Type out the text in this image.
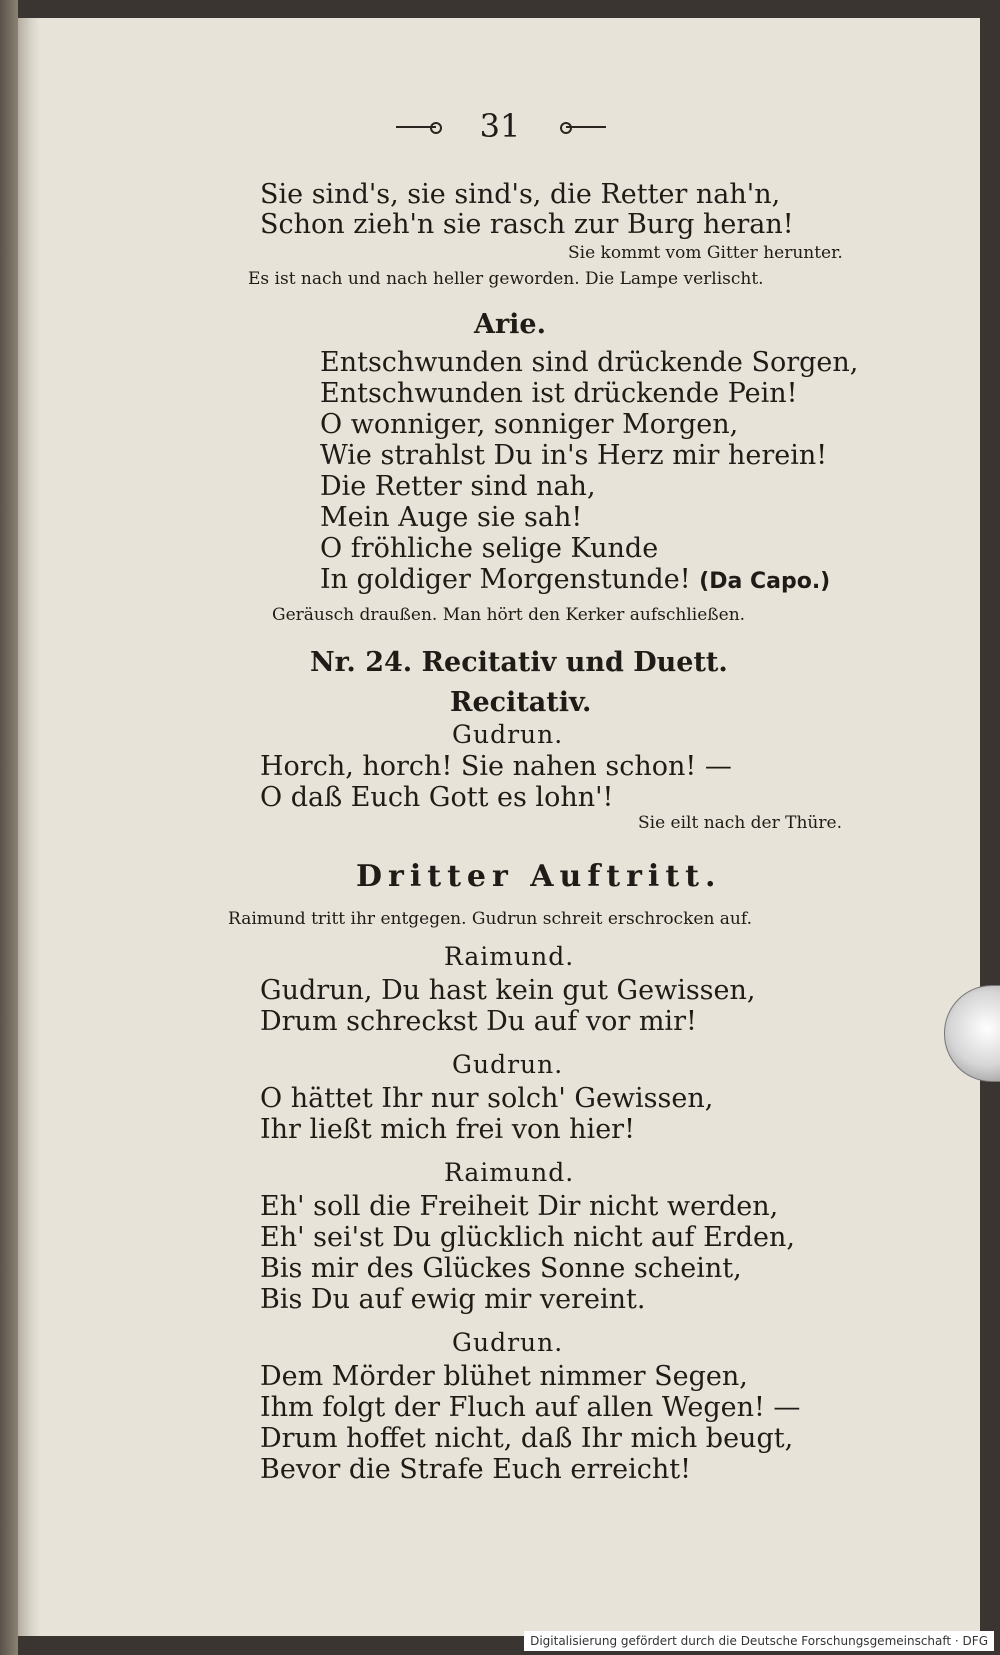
31
Sie sind's, sie sind's, die Retter nah'n,
Schon zieh'n sie rasch zur Burg heran!
Sie kommt vom Gitter herunter.
Es ist nach und nach heller geworden. Die Lampe verlischt.
Arie.
Entschwunden sind drückende Sorgen,
Entschwunden ist drückende Pein!
O wonniger, sonniger Morgen,
Wie strahlst Du in's Herz mir herein!
Die Retter sind nah,
Mein Auge sie sah!
O fröhliche selige Kunde
In goldiger Morgenstunde! (Da Capo.)
Geräusch draußen. Man hört den Kerker aufschließen.
Nr. 24. Recitativ und Duett.
Recitativ.
Gudrun.
Horch, horch! Sie nahen schon! —
O daß Euch Gott es lohn'!
Sie eilt nach der Thüre.
Dritter Auftritt.
Raimund tritt ihr entgegen. Gudrun schreit erschrocken auf.
Raimund.
Gudrun, Du hast kein gut Gewissen,
Drum schreckst Du auf vor mir!
Gudrun.
O hättet Ihr nur solch' Gewissen,
Ihr ließt mich frei von hier!
Raimund.
Eh' soll die Freiheit Dir nicht werden,
Eh' sei'st Du glücklich nicht auf Erden,
Bis mir des Glückes Sonne scheint,
Bis Du auf ewig mir vereint.
Gudrun.
Dem Mörder blühet nimmer Segen,
Ihm folgt der Fluch auf allen Wegen! —
Drum hoffet nicht, daß Ihr mich beugt,
Bevor die Strafe Euch erreicht!
Digitalisierung gefördert durch die Deutsche Forschungsgemeinschaft · DFG
